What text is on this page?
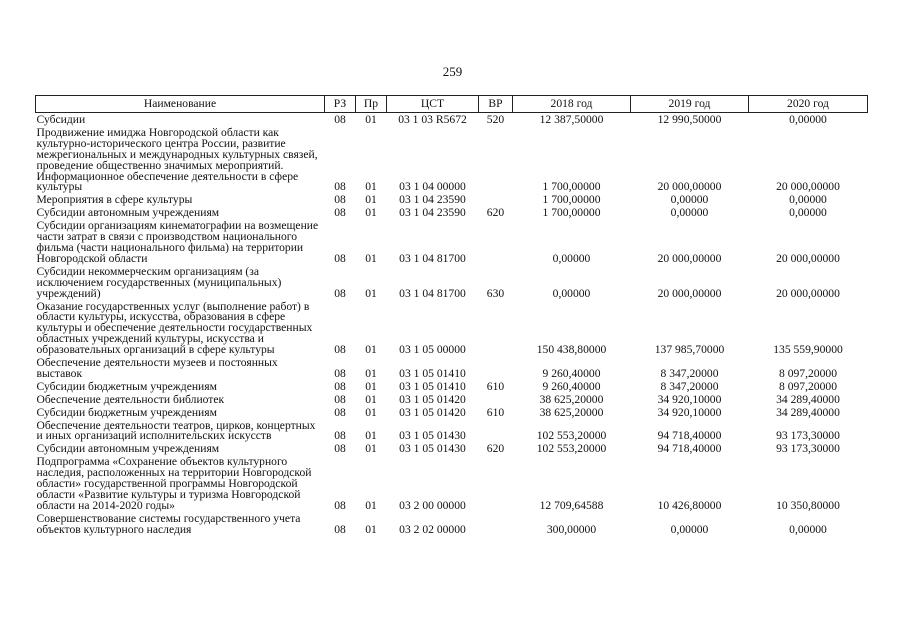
259
Наименование	РЗ	Пр	ЦСТ	ВР	2018 год	2019 год	2020 год
Субсидии	08	01	03 1 03 R5672	520	12 387,50000	12 990,50000	0,00000
Продвижение имиджа Новгородской области как культурно-исторического центра России, развитие межрегиональных и международных культурных связей, проведение общественно значимых мероприятий. Информационное обеспечение деятельности в сфере культуры	08	01	03 1 04 00000		1 700,00000	20 000,00000	20 000,00000
Мероприятия в сфере культуры	08	01	03 1 04 23590		1 700,00000	0,00000	0,00000
Субсидии автономным учреждениям	08	01	03 1 04 23590	620	1 700,00000	0,00000	0,00000
Субсидии организациям кинематографии на возмещение части затрат в связи с производством национального фильма (части национального фильма) на территории Новгородской области	08	01	03 1 04 81700		0,00000	20 000,00000	20 000,00000
Субсидии некоммерческим организациям (за исключением государственных (муниципальных) учреждений)	08	01	03 1 04 81700	630	0,00000	20 000,00000	20 000,00000
Оказание государственных услуг (выполнение работ) в области культуры, искусства, образования в сфере культуры и обеспечение деятельности государственных областных учреждений культуры, искусства и образовательных организаций в сфере культуры	08	01	03 1 05 00000		150 438,80000	137 985,70000	135 559,90000
Обеспечение деятельности музеев и постоянных выставок	08	01	03 1 05 01410		9 260,40000	8 347,20000	8 097,20000
Субсидии бюджетным учреждениям	08	01	03 1 05 01410	610	9 260,40000	8 347,20000	8 097,20000
Обеспечение деятельности библиотек	08	01	03 1 05 01420		38 625,20000	34 920,10000	34 289,40000
Субсидии бюджетным учреждениям	08	01	03 1 05 01420	610	38 625,20000	34 920,10000	34 289,40000
Обеспечение деятельности театров, цирков, концертных и иных организаций исполнительских искусств	08	01	03 1 05 01430		102 553,20000	94 718,40000	93 173,30000
Субсидии автономным учреждениям	08	01	03 1 05 01430	620	102 553,20000	94 718,40000	93 173,30000
Подпрограмма «Сохранение объектов культурного наследия, расположенных на территории Новгородской области» государственной программы Новгородской области «Развитие культуры и туризма Новгородской области на 2014-2020 годы»	08	01	03 2 00 00000		12 709,64588	10 426,80000	10 350,80000
Совершенствование системы государственного учета объектов культурного наследия	08	01	03 2 02 00000		300,00000	0,00000	0,00000
